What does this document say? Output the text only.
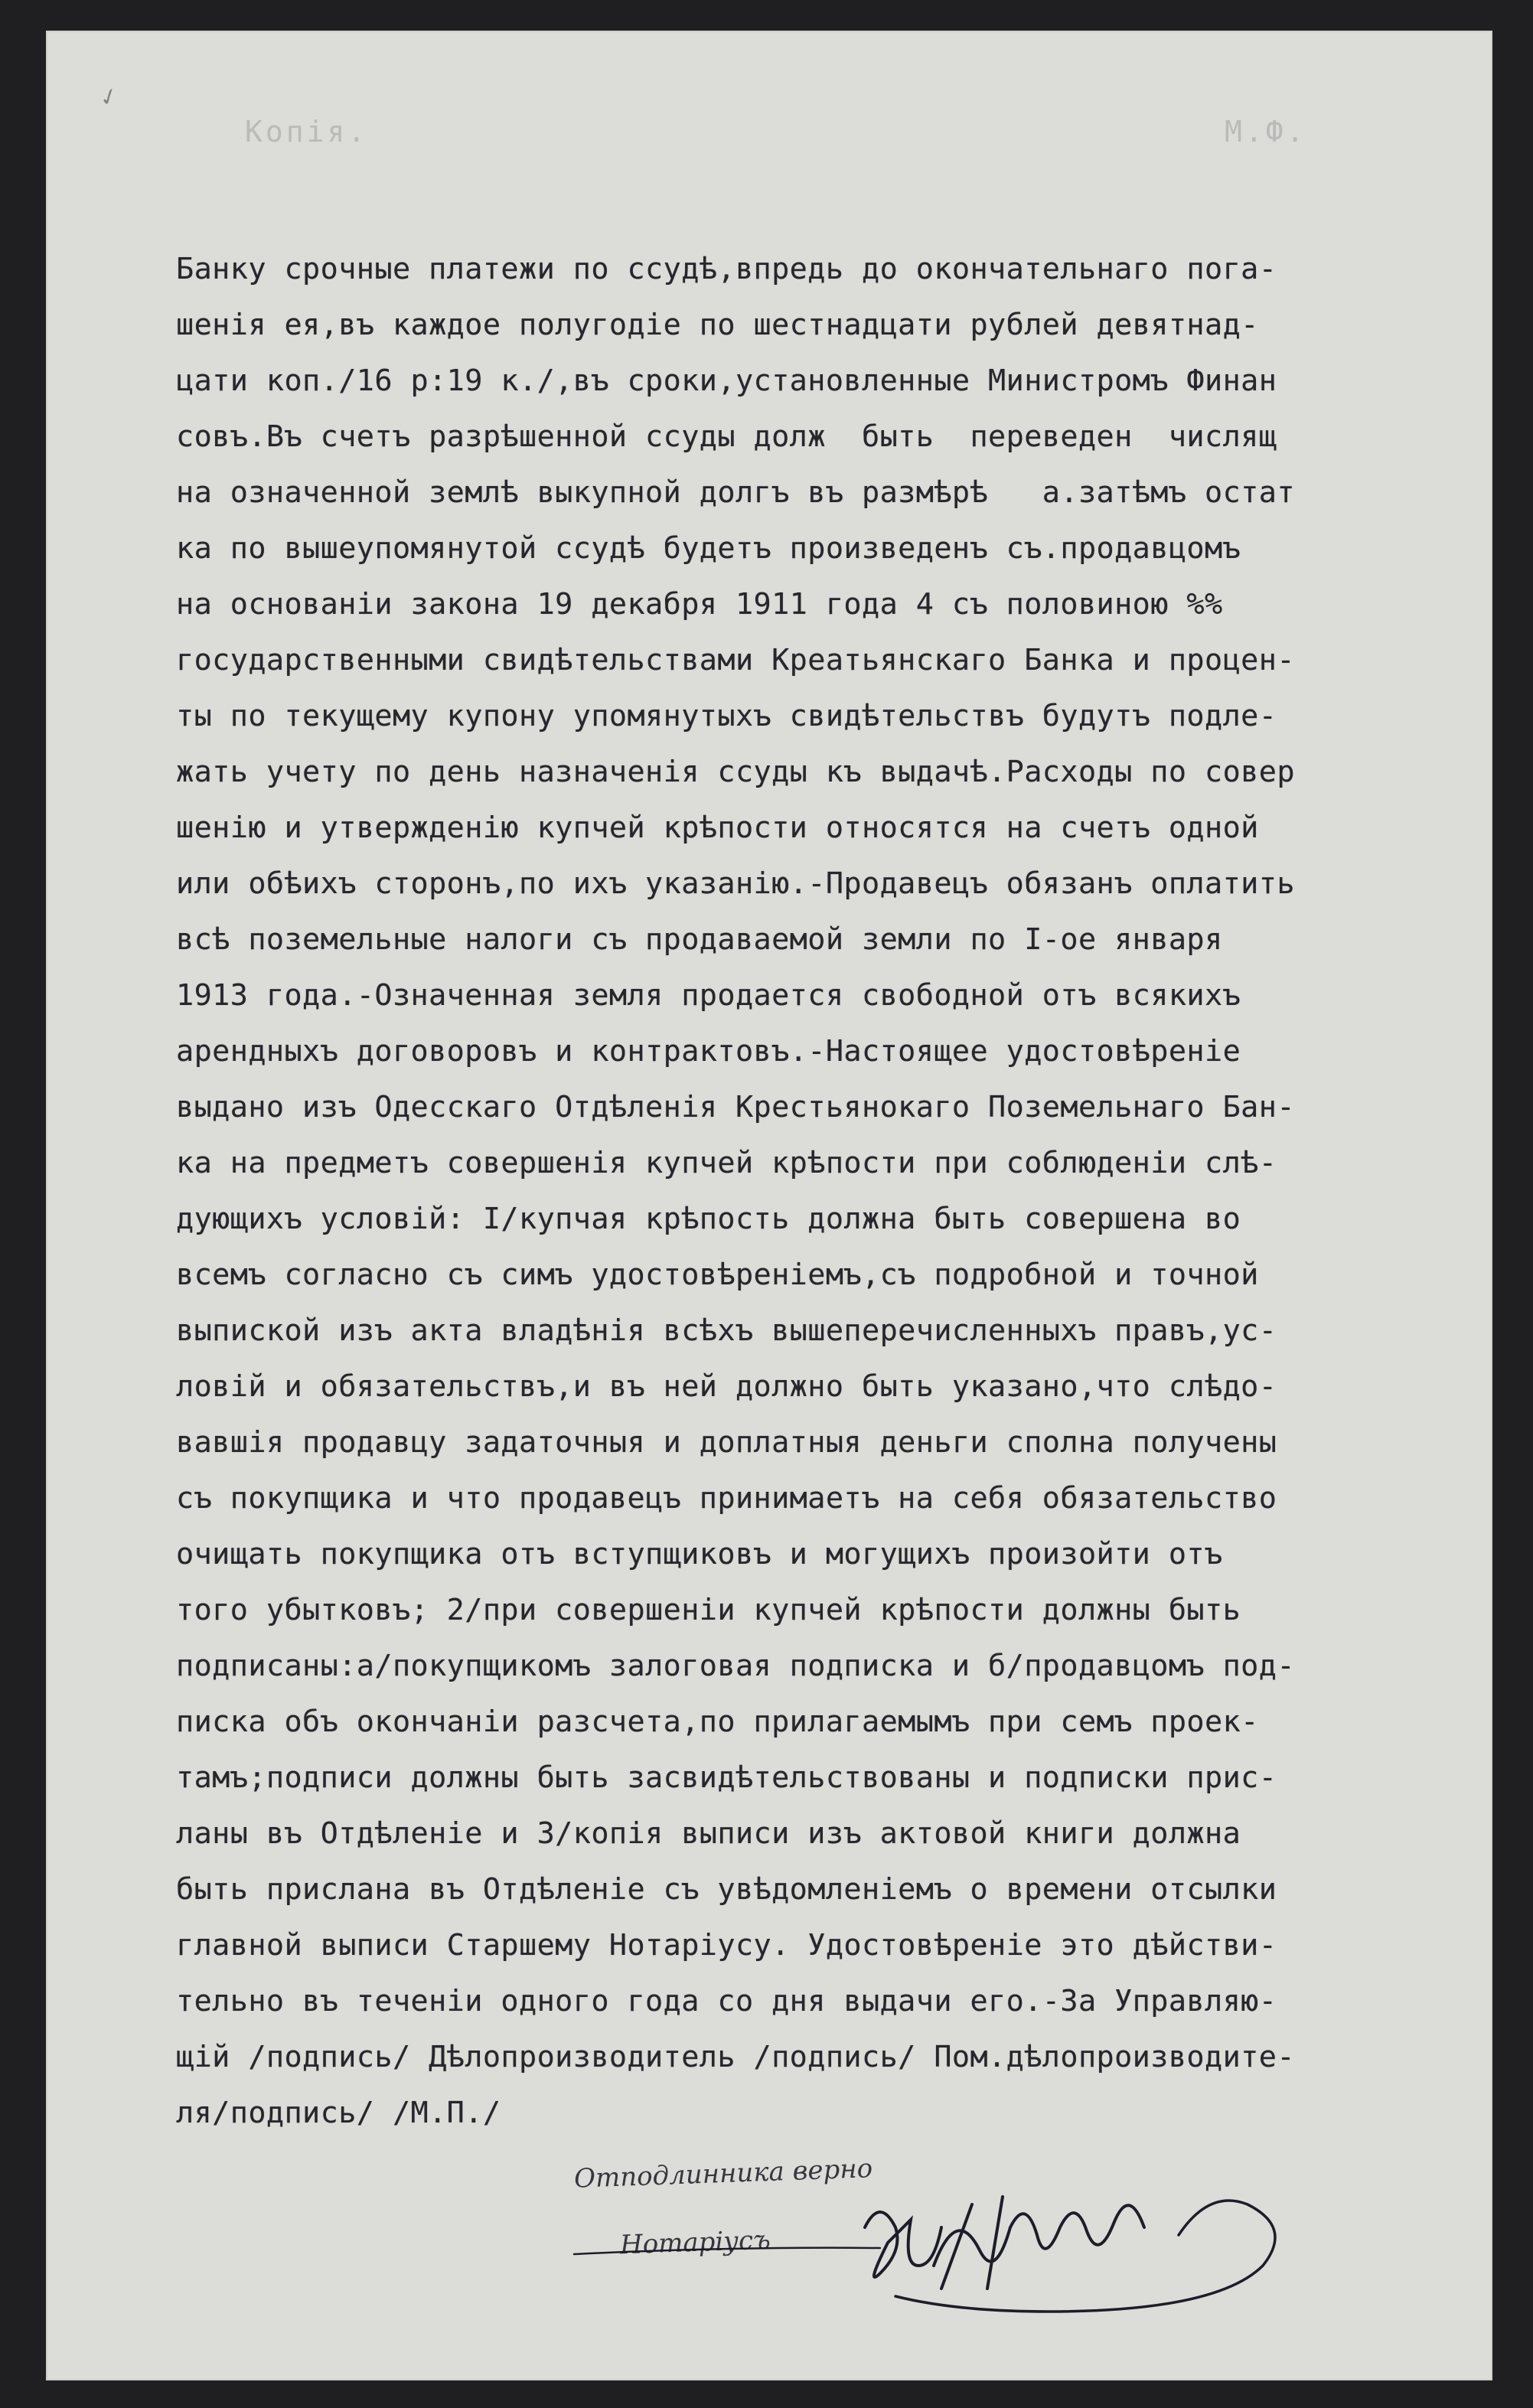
✓
Копія.	М.Ф.
Банку срочные платежи по ссудѣ,впредь до окончательнаго пога-
шенія ея,въ каждое полугодіе по шестнадцати рублей девятнад-
цати коп./16 р:19 к./,въ сроки,установленные Министромъ Финан
совъ.Въ счетъ разрѣшенной ссуды долж  быть  переведен  числящ
на означенной землѣ выкупной долгъ въ размѣрѣ   а.затѣмъ остат
ка по вышеупомянутой ссудѣ будетъ произведенъ съ.продавцомъ
на основаніи закона 19 декабря 1911 года 4 съ половиною %%
государственными свидѣтельствами Креатьянскаго Банка и процен-
ты по текущему купону упомянутыхъ свидѣтельствъ будутъ подле-
жать учету по день назначенія ссуды къ выдачѣ.Расходы по совер
шенію и утвержденію купчей крѣпости относятся на счетъ одной
или обѣихъ сторонъ,по ихъ указанію.-Продавецъ обязанъ оплатить
всѣ поземельные налоги съ продаваемой земли по I-ое января
1913 года.-Означенная земля продается свободной отъ всякихъ
арендныхъ договоровъ и контрактовъ.-Настоящее удостовѣреніе
выдано изъ Одесскаго Отдѣленія Крестьянокаго Поземельнаго Бан-
ка на предметъ совершенія купчей крѣпости при соблюденіи слѣ-
дующихъ условій: I/купчая крѣпость должна быть совершена во
всемъ согласно съ симъ удостовѣреніемъ,съ подробной и точной
выпиской изъ акта владѣнія всѣхъ вышеперечисленныхъ правъ,ус-
ловій и обязательствъ,и въ ней должно быть указано,что слѣдо-
вавшія продавцу задаточныя и доплатныя деньги сполна получены
съ покупщика и что продавецъ принимаетъ на себя обязательство
очищать покупщика отъ вступщиковъ и могущихъ произойти отъ
того убытковъ; 2/при совершеніи купчей крѣпости должны быть
подписаны:а/покупщикомъ залоговая подписка и б/продавцомъ под-
писка объ окончаніи разсчета,по прилагаемымъ при семъ проек-
тамъ;подписи должны быть засвидѣтельствованы и подписки прис-
ланы въ Отдѣленіе и 3/копія выписи изъ актовой книги должна
быть прислана въ Отдѣленіе съ увѣдомленіемъ о времени отсылки
главной выписи Старшему Нотаріусу. Удостовѣреніе это дѣйстви-
тельно въ теченіи одного года со дня выдачи его.-За Управляю-
щій /подпись/ Дѣлопроизводитель /подпись/ Пом.дѣлопроизводите-
ля/подпись/ /М.П./
Отподлинника верно
Нотаріусъ
